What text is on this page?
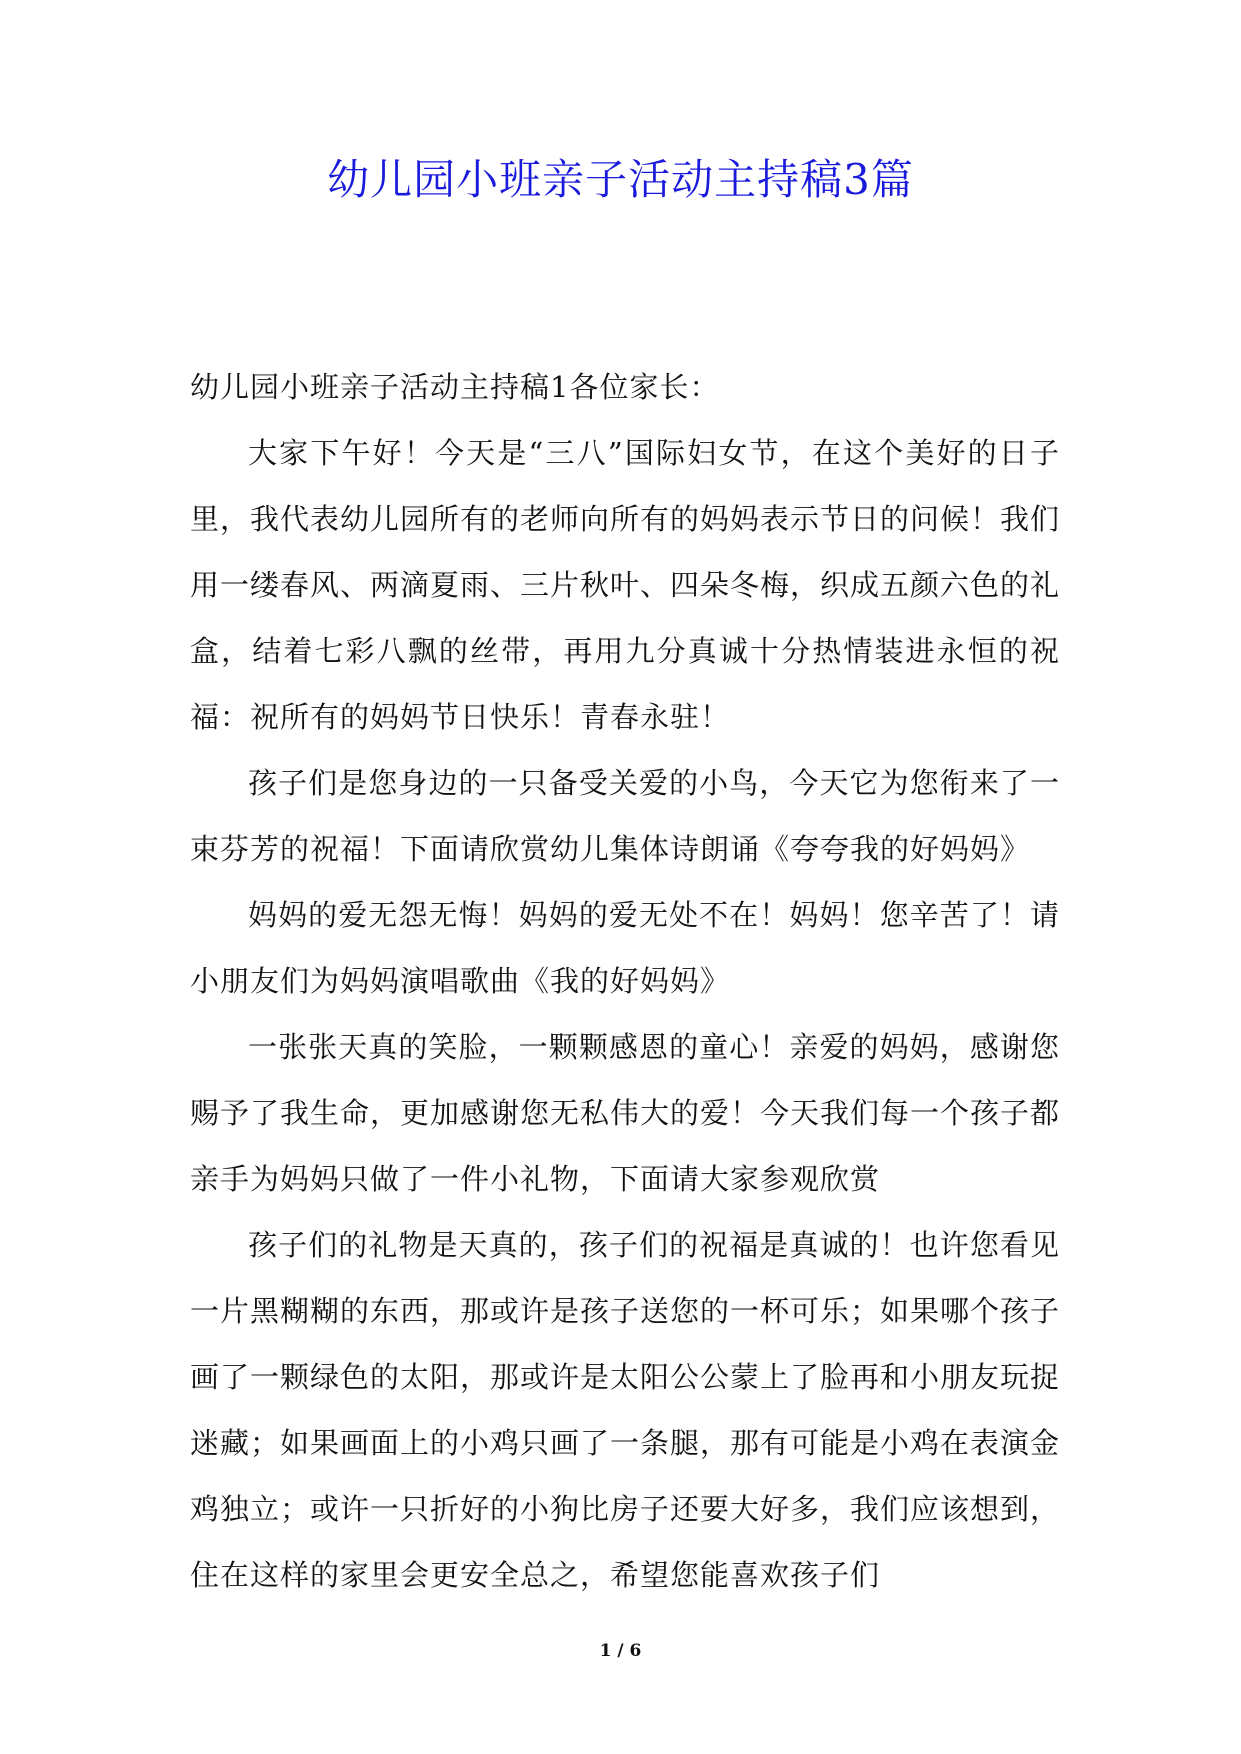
幼儿园小班亲子活动主持稿3篇

幼儿园小班亲子活动主持稿1各位家长：

大家下午好！今天是“三八”国际妇女节，在这个美好的日子里，我代表幼儿园所有的老师向所有的妈妈表示节日的问候！我们用一缕春风、两滴夏雨、三片秋叶、四朵冬梅，织成五颜六色的礼盒，结着七彩八飘的丝带，再用九分真诚十分热情装进永恒的祝福：祝所有的妈妈节日快乐！青春永驻！

孩子们是您身边的一只备受关爱的小鸟，今天它为您衔来了一束芬芳的祝福！下面请欣赏幼儿集体诗朗诵《夸夸我的好妈妈》

妈妈的爱无怨无悔！妈妈的爱无处不在！妈妈！您辛苦了！请小朋友们为妈妈演唱歌曲《我的好妈妈》

一张张天真的笑脸，一颗颗感恩的童心！亲爱的妈妈，感谢您赐予了我生命，更加感谢您无私伟大的爱！今天我们每一个孩子都亲手为妈妈只做了一件小礼物，下面请大家参观欣赏

孩子们的礼物是天真的，孩子们的祝福是真诚的！也许您看见一片黑糊糊的东西，那或许是孩子送您的一杯可乐；如果哪个孩子画了一颗绿色的太阳，那或许是太阳公公蒙上了脸再和小朋友玩捉迷藏；如果画面上的小鸡只画了一条腿，那有可能是小鸡在表演金鸡独立；或许一只折好的小狗比房子还要大好多，我们应该想到，住在这样的家里会更安全总之，希望您能喜欢孩子们

1 / 6
